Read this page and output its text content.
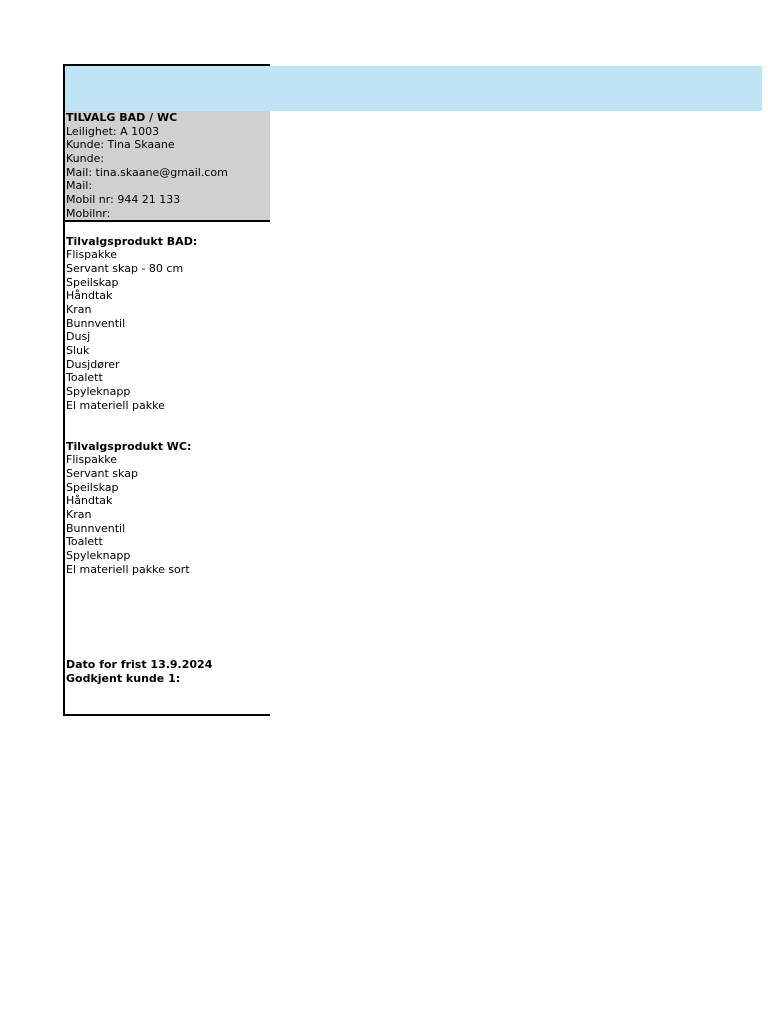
TILVALG BAD / WC
Leilighet: A 1003
Kunde: Tina Skaane
Kunde:
Mail: tina.skaane@gmail.com
Mail:
Mobil nr: 944 21 133
Mobilnr:
Tilvalgsprodukt BAD:
Flispakke
Servant skap - 80 cm
Speilskap
Håndtak
Kran
Bunnventil
Dusj
Sluk
Dusjdører
Toalett
Spyleknapp
El materiell pakke
Tilvalgsprodukt WC:
Flispakke
Servant skap
Speilskap
Håndtak
Kran
Bunnventil
Toalett
Spyleknapp
El materiell pakke sort
Dato for frist 13.9.2024
Godkjent kunde 1:
